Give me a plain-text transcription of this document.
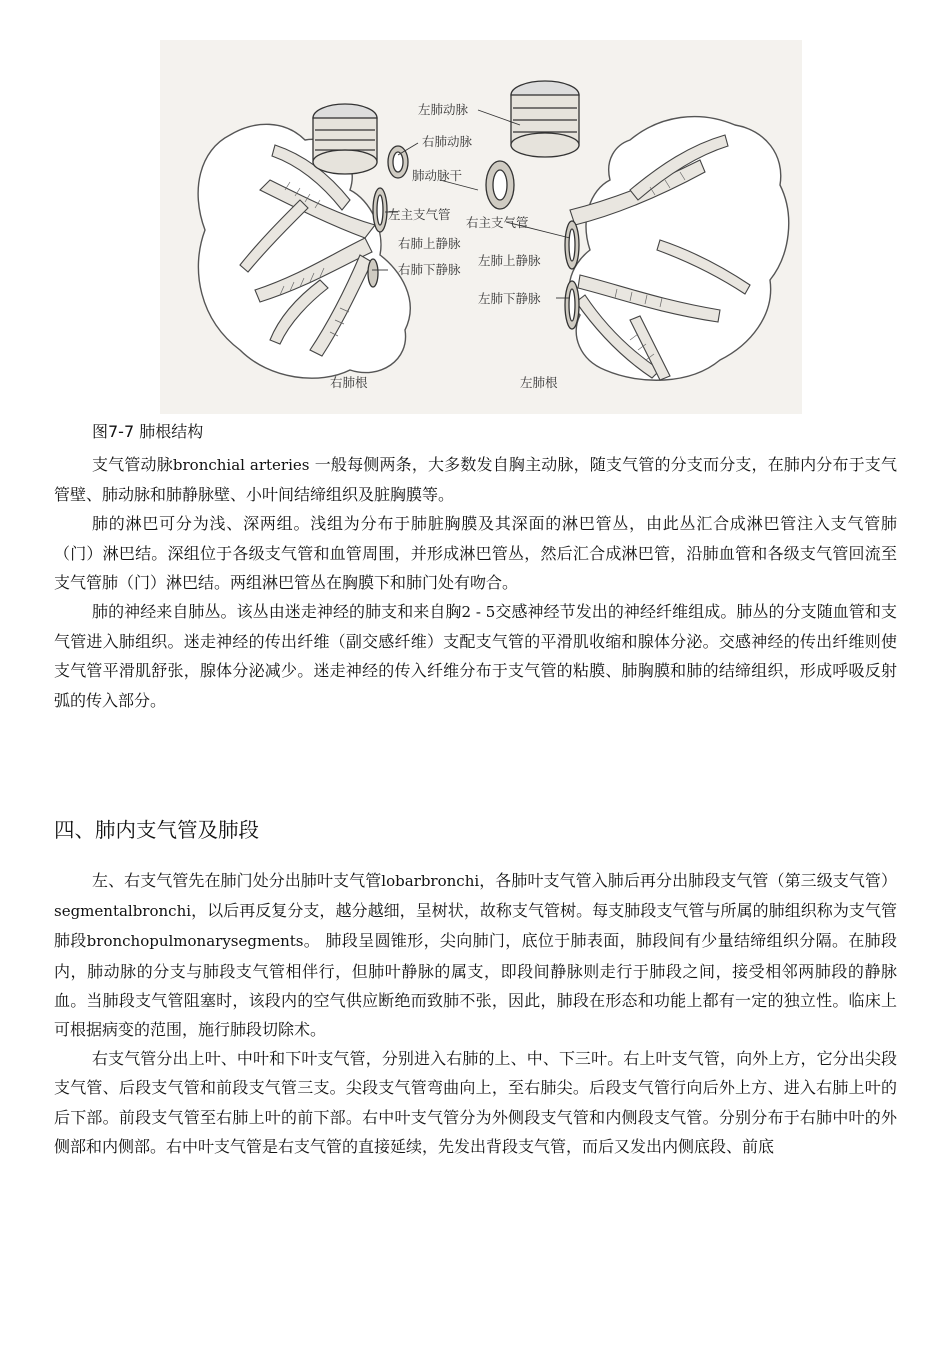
左肺动脉
右肺动脉
肺动脉干
左主支气管
右主支气管
右肺上静脉
右肺下静脉
左肺上静脉
左肺下静脉
右肺根	左肺根
图7-7 肺根结构

支气管动脉bronchial arteries 一般每侧两条，大多数发自胸主动脉，随支气管的分支而分支，在肺内分布于支气管壁、肺动脉和肺静脉壁、小叶间结缔组织及脏胸膜等。

肺的淋巴可分为浅、深两组。浅组为分布于肺脏胸膜及其深面的淋巴管丛，由此丛汇合成淋巴管注入支气管肺（门）淋巴结。深组位于各级支气管和血管周围，并形成淋巴管丛，然后汇合成淋巴管，沿肺血管和各级支气管回流至支气管肺（门）淋巴结。两组淋巴管丛在胸膜下和肺门处有吻合。

肺的神经来自肺丛。该丛由迷走神经的肺支和来自胸2 - 5交感神经节发出的神经纤维组成。肺丛的分支随血管和支气管进入肺组织。迷走神经的传出纤维（副交感纤维）支配支气管的平滑肌收缩和腺体分泌。交感神经的传出纤维则使支气管平滑肌舒张，腺体分泌减少。迷走神经的传入纤维分布于支气管的粘膜、肺胸膜和肺的结缔组织，形成呼吸反射弧的传入部分。

四、肺内支气管及肺段

左、右支气管先在肺门处分出肺叶支气管lobarbronchi，各肺叶支气管入肺后再分出肺段支气管（第三级支气管）segmentalbronchi，以后再反复分支，越分越细，呈树状，故称支气管树。每支肺段支气管与所属的肺组织称为支气管肺段bronchopulmonarysegments。 肺段呈圆锥形，尖向肺门，底位于肺表面，肺段间有少量结缔组织分隔。在肺段内，肺动脉的分支与肺段支气管相伴行，但肺叶静脉的属支，即段间静脉则走行于肺段之间，接受相邻两肺段的静脉血。当肺段支气管阻塞时，该段内的空气供应断绝而致肺不张，因此，肺段在形态和功能上都有一定的独立性。临床上可根据病变的范围，施行肺段切除术。

右支气管分出上叶、中叶和下叶支气管，分别进入右肺的上、中、下三叶。右上叶支气管，向外上方，它分出尖段支气管、后段支气管和前段支气管三支。尖段支气管弯曲向上，至右肺尖。后段支气管行向后外上方、进入右肺上叶的后下部。前段支气管至右肺上叶的前下部。右中叶支气管分为外侧段支气管和内侧段支气管。分别分布于右肺中叶的外侧部和内侧部。右中叶支气管是右支气管的直接延续，先发出背段支气管，而后又发出内侧底段、前底
